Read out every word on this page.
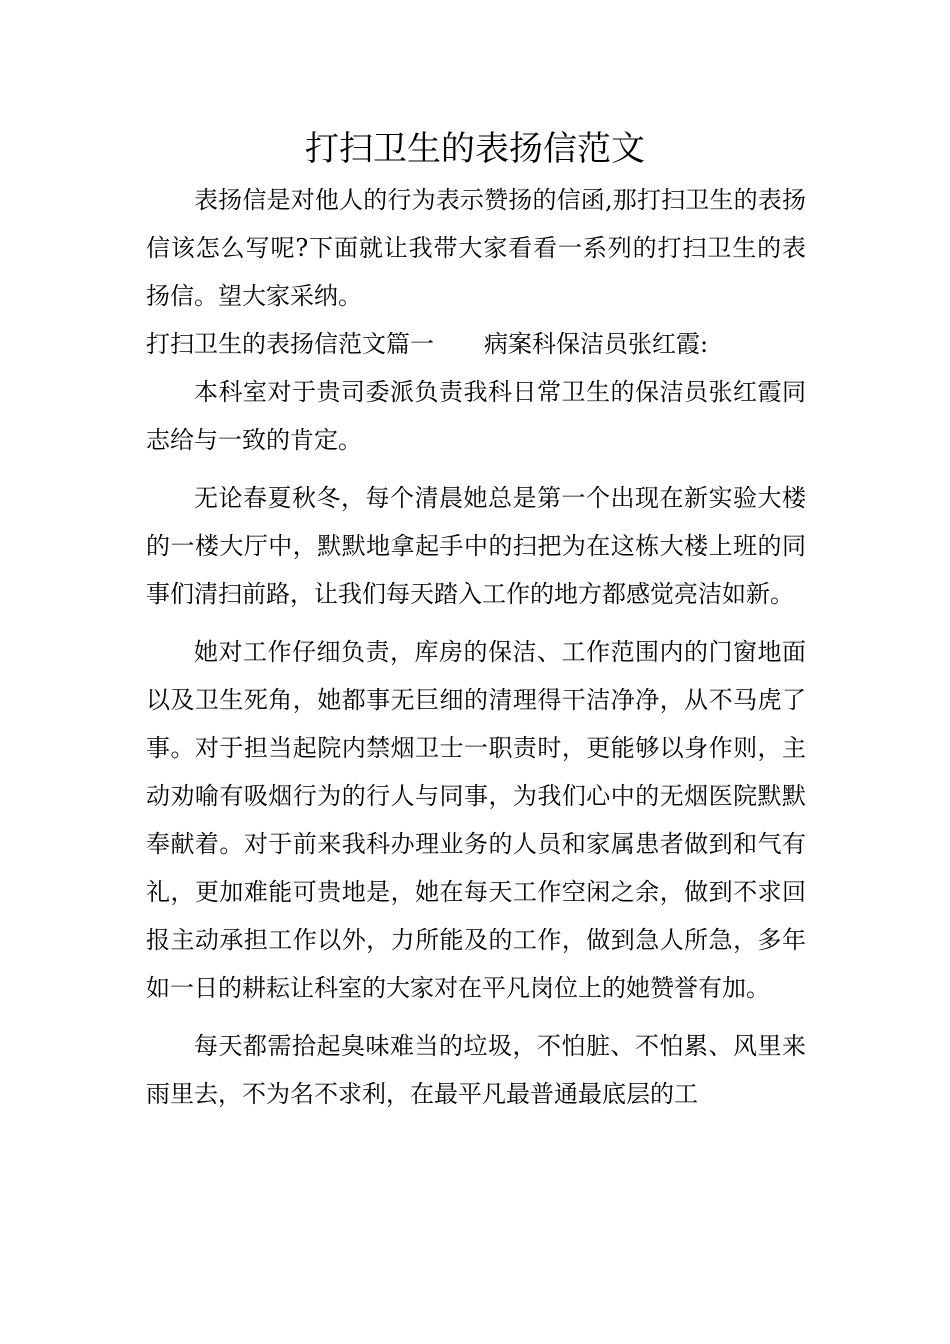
打扫卫生的表扬信范文

表扬信是对他人的行为表示赞扬的信函,那打扫卫生的表扬信该怎么写呢?下面就让我带大家看看一系列的打扫卫生的表扬信。望大家采纳。

打扫卫生的表扬信范文篇一 病案科保洁员张红霞:

本科室对于贵司委派负责我科日常卫生的保洁员张红霞同志给与一致的肯定。

无论春夏秋冬，每个清晨她总是第一个出现在新实验大楼的一楼大厅中，默默地拿起手中的扫把为在这栋大楼上班的同事们清扫前路，让我们每天踏入工作的地方都感觉亮洁如新。

她对工作仔细负责，库房的保洁、工作范围内的门窗地面以及卫生死角，她都事无巨细的清理得干洁净净，从不马虎了事。对于担当起院内禁烟卫士一职责时，更能够以身作则，主动劝喻有吸烟行为的行人与同事，为我们心中的无烟医院默默奉献着。对于前来我科办理业务的人员和家属患者做到和气有礼，更加难能可贵地是，她在每天工作空闲之余，做到不求回报主动承担工作以外，力所能及的工作，做到急人所急，多年如一日的耕耘让科室的大家对在平凡岗位上的她赞誉有加。

每天都需拾起臭味难当的垃圾，不怕脏、不怕累、风里来雨里去，不为名不求利，在最平凡最普通最底层的工
